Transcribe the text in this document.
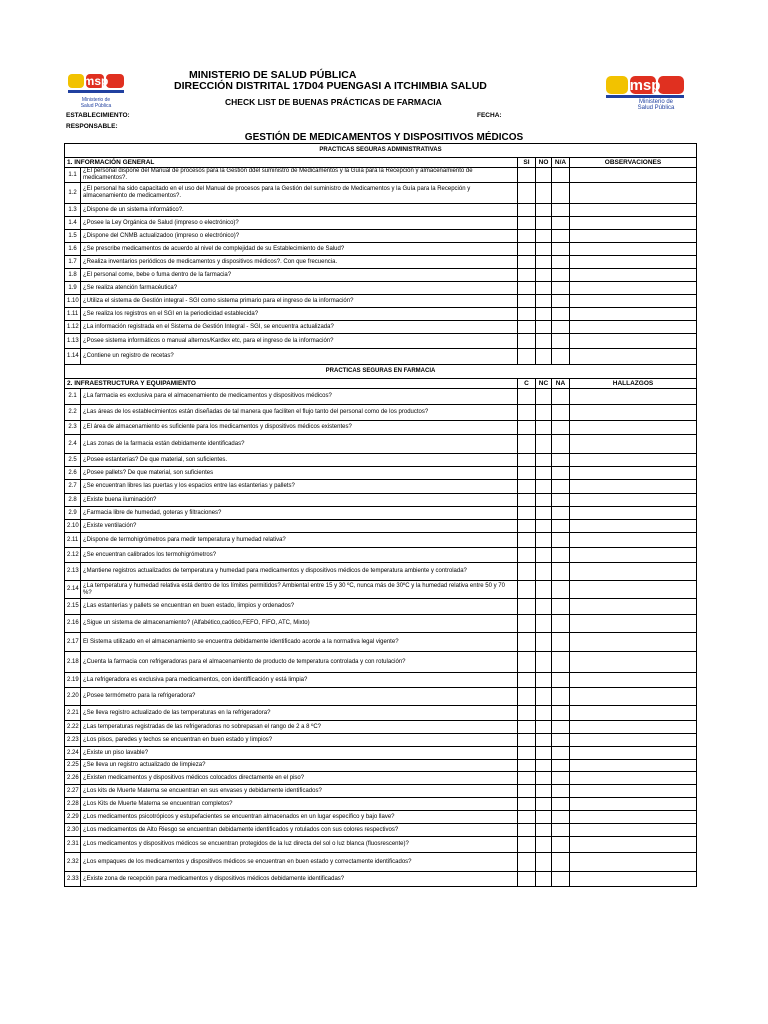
msp
Ministerio de
Salud Pública
msp
Ministerio de
Salud Pública
MINISTERIO DE SALUD PÚBLICA
DIRECCIÓN DISTRITAL 17D04 PUENGASI A ITCHIMBIA SALUD
CHECK LIST DE BUENAS PRÁCTICAS DE FARMACIA
ESTABLECIMIENTO:	FECHA:
RESPONSABLE:
GESTIÓN DE MEDICAMENTOS Y DISPOSITIVOS MÉDICOS
PRACTICAS SEGURAS ADMINISTRATIVAS					
1. INFORMACIÓN GENERAL		SI	NO	N/A	OBSERVACIONES
1.1	¿El personal dispone del Manual de procesos para la Gestión ddel suministro de Medicamentos y la Guía para la Recepción y almacenamiento de medicamentos?.				
1.2	¿El personal ha sido capacitado en el uso del Manual de procesos para la Gestión del suministro de Medicamentos y la Guía para la Recepción y almacenamiento de medicamentos?.				
1.3	¿Dispone de un sistema informático?.				
1.4	¿Posee la Ley Orgánica de Salud (impreso o electrónico)?				
1.5	¿Dispone del CNMB actualizadoo (impreso o electrónico)?				
1.6	¿Se prescribe medicamentos de acuerdo al nivel de complejidad de su Establecimiento de Salud?				
1.7	¿Realiza inventarios periódicos de medicamentos y dispositivos médicos?. Con que frecuencia.				
1.8	¿El personal come, bebe o fuma dentro de la farmacia?				
1.9	¿Se realiza atención farmacéutica?				
1.10	¿Utiliza el sistema de Gestión integral - SGI como sistema primario para el ingreso de la información?				
1.11	¿Se realiza los registros en el SGI en la periodicidad establecida?				
1.12	¿La información registrada en el Sistema de Gestión Integral - SGI, se encuentra actualizada?				
1.13	¿Posee sistema informáticos o manual alternos/Kardex etc, para el ingreso de la información?				
1.14	¿Contiene un registro de recetas?				
PRACTICAS SEGURAS EN FARMACIA					
2. INFRAESTRUCTURA Y EQUIPAMIENTO		C	NC	NA	HALLAZGOS
2.1	¿La farmacia es exclusiva para el almacenamiento de medicamentos y dispositivos médicos?				
2.2	¿Las áreas de los establecimientos están diseñadas de tal manera que faciliten el flujo tanto del personal como de los productos?				
2.3	¿El área de almacenamiento es suficiente para los medicamentos y dispositivos médicos existentes?				
2.4	¿Las zonas de la farmacia están debidamente identificadas?				
2.5	¿Posee estanterías? De que material, son suficientes.				
2.6	¿Posee pallets? De que material, son suficientes				
2.7	¿Se encuentran libres las puertas y los espacios entre las estanterias y pallets?				
2.8	¿Existe buena iluminación?				
2.9	¿Farmacia libre de humedad, goteras y filtraciones?				
2.10	¿Existe ventilación?				
2.11	¿Dispone de termohigrómetros para medir temperatura y humedad relativa?				
2.12	¿Se encuentran calibrados los termohigrómetros?				
2.13	¿Mantiene registros actualizados de temperatura y humedad para medicamentos y dispositivos médicos de temperatura ambiente y controlada?				
2.14	¿La temperatura y humedad relativa está dentro de los límites permitidos? Ambiental entre 15 y 30 ºC, nunca más de 30ºC y la humedad relativa entre 50 y 70 %?				
2.15	¿Las estanterías y pallets se encuentran en buen estado, limpios y ordenados?				
2.16	¿Sigue un sistema de almacenamiento? (Alfabético,caótico,FEFO, FIFO, ATC, Mixto)				
2.17	El Sistema utilizado en el almacenamiento se encuentra debidamente identificado acorde a la normativa legal vigente?				
2.18	¿Cuenta la farmacia con refrigeradoras para el almacenamiento de producto de temperatura controlada y con rotulación?				
2.19	¿La refrigeradora es exclusiva para medicamentos, con identifficación y está limpia?				
2.20	¿Posee termómetro para la refrigeradora?				
2.21	¿Se lleva registro actualizado de las temperaturas en la refrigeradora?				
2.22	¿Las temperaturas registradas de las refrigeradoras no sobrepasan el rango de 2 a 8 ºC?				
2.23	¿Los pisos, paredes y techos se encuentran en buen estado y limpios?				
2.24	¿Existe un piso lavable?				
2.25	¿Se lleva un registro actualizado de limpieza?				
2.26	¿Existen medicamentos y dispositivos médicos colocados directamente en el piso?				
2.27	¿Los kits de Muerte Materna se encuentran en sus envases y debidamente identificados?				
2.28	¿Los Kits de Muerte Materna se encuentran completos?				
2.29	¿Los medicamentos psicotrópicos y estupefacientes se encuentran almacenados en un lugar específico y bajo llave?				
2.30	¿Los medicamentos de Alto Riesgo se encuentran debidamente identificados y rotulados con sus colores respectivos?				
2.31	¿Los medicamentos y dispositivos médicos se encuentran protegidos de la luz directa del sol o luz blanca (fluosrescente)?				
2.32	¿Los empaques de los medicamentos y dispositivos médicos se encuentran en buen estado y correctamente identificados?				
2.33	¿Existe zona de recepción para medicamentos y dispositivos médicos debidamente identificadas?				
